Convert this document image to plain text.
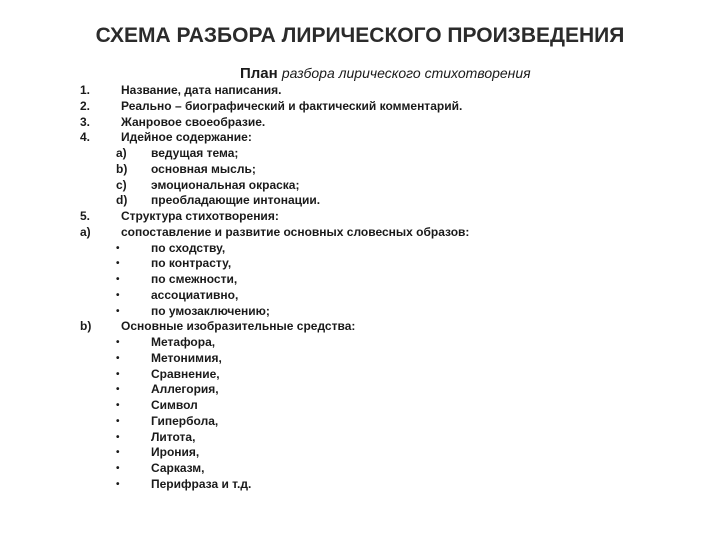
СХЕМА РАЗБОРА ЛИРИЧЕСКОГО ПРОИЗВЕДЕНИЯ
План разбора лирического стихотворения
1.	Название, дата написания.
2.	Реально – биографический и фактический комментарий.
3.	Жанровое своеобразие.
4.	Идейное содержание:
a) ведущая тема;
b) основная мысль;
c) эмоциональная окраска;
d) преобладающие интонации.
5.	Структура стихотворения:
a)	сопоставление и развитие основных словесных образов:
•	по сходству,
•	по контрасту,
•	по смежности,
•	ассоциативно,
•	по умозаключению;
b) Основные изобразительные средства:
•	Метафора,
•	Метонимия,
•	Сравнение,
•	Аллегория,
•	Символ
•	Гипербола,
•	Литота,
•	Ирония,
•	Сарказм,
•	Перифраза и т.д.
